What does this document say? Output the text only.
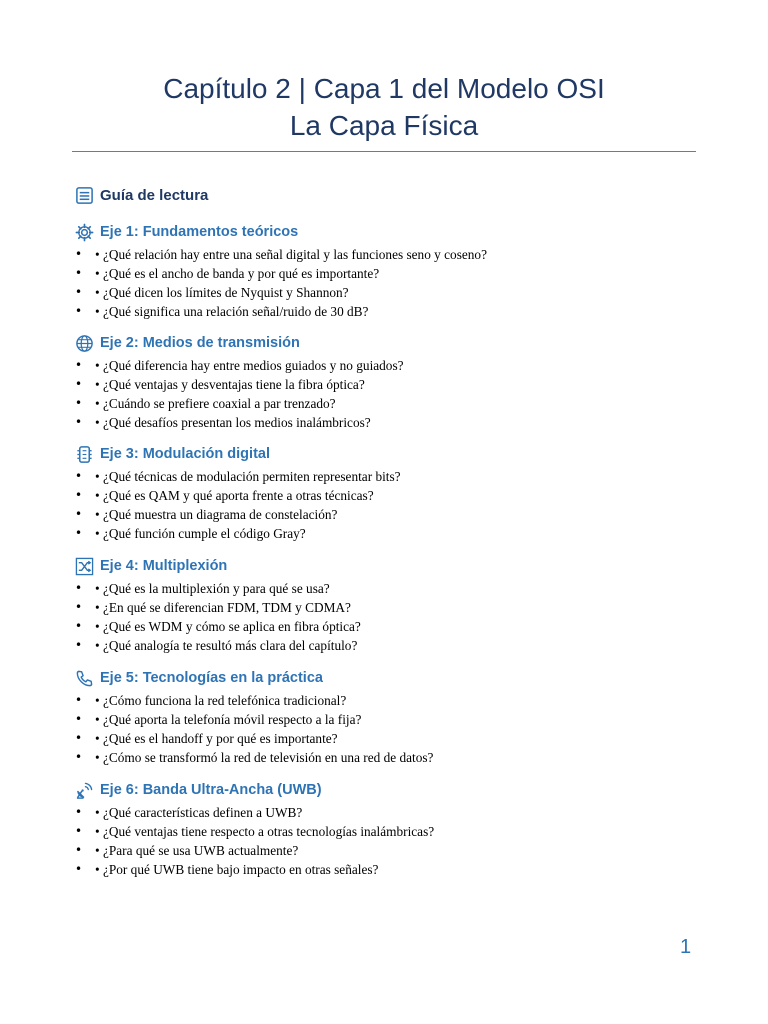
Capítulo 2 | Capa 1 del Modelo OSI
La Capa Física
Guía de lectura
Eje 1: Fundamentos teóricos
• • ¿Qué relación hay entre una señal digital y las funciones seno y coseno?
• • ¿Qué es el ancho de banda y por qué es importante?
• • ¿Qué dicen los límites de Nyquist y Shannon?
• • ¿Qué significa una relación señal/ruido de 30 dB?
Eje 2: Medios de transmisión
• • ¿Qué diferencia hay entre medios guiados y no guiados?
• • ¿Qué ventajas y desventajas tiene la fibra óptica?
• • ¿Cuándo se prefiere coaxial a par trenzado?
• • ¿Qué desafíos presentan los medios inalámbricos?
Eje 3: Modulación digital
• • ¿Qué técnicas de modulación permiten representar bits?
• • ¿Qué es QAM y qué aporta frente a otras técnicas?
• • ¿Qué muestra un diagrama de constelación?
• • ¿Qué función cumple el código Gray?
Eje 4: Multiplexión
• • ¿Qué es la multiplexión y para qué se usa?
• • ¿En qué se diferencian FDM, TDM y CDMA?
• • ¿Qué es WDM y cómo se aplica en fibra óptica?
• • ¿Qué analogía te resultó más clara del capítulo?
Eje 5: Tecnologías en la práctica
• • ¿Cómo funciona la red telefónica tradicional?
• • ¿Qué aporta la telefonía móvil respecto a la fija?
• • ¿Qué es el handoff y por qué es importante?
• • ¿Cómo se transformó la red de televisión en una red de datos?
Eje 6: Banda Ultra-Ancha (UWB)
• • ¿Qué características definen a UWB?
• • ¿Qué ventajas tiene respecto a otras tecnologías inalámbricas?
• • ¿Para qué se usa UWB actualmente?
• • ¿Por qué UWB tiene bajo impacto en otras señales?
1
